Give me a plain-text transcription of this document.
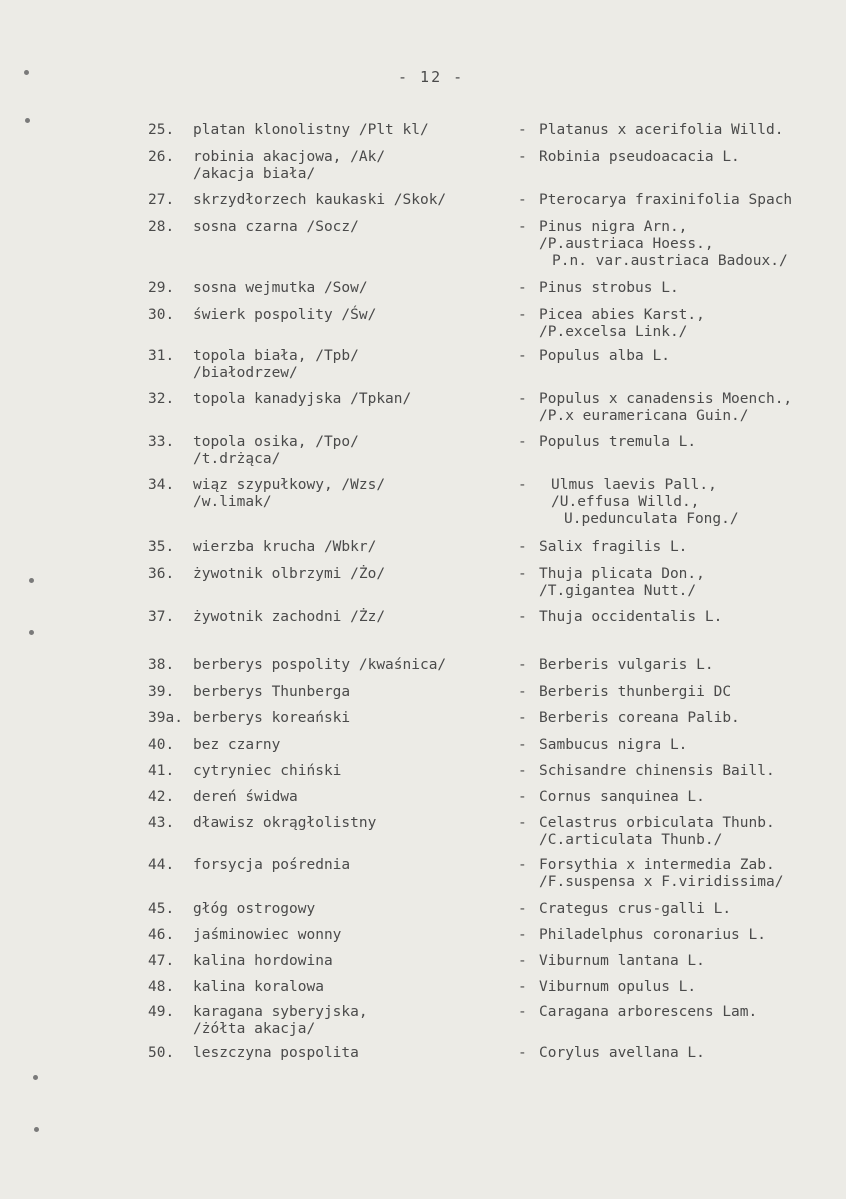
- 12 -
25. platan klonolistny /Plt kl/	- Platanus x acerifolia Willd.
26. robinia akacjowa, /Ak/
/akacja biała/
- Robinia pseudoacacia L.
27. skrzydłorzech kaukaski /Skok/	- Pterocarya fraxinifolia Spach
28. sosna czarna /Socz/	- Pinus nigra Arn.,
/P.austriaca Hoess.,
P.n. var.austriaca Badoux./
29. sosna wejmutka /Sow/	- Pinus strobus L.
30. świerk pospolity /Św/	- Picea abies Karst.,
/P.excelsa Link./
31. topola biała, /Tpb/
/białodrzew/
- Populus alba L.
32. topola kanadyjska /Tpkan/	- Populus x canadensis Moench.,
/P.x euramericana Guin./
33. topola osika, /Tpo/
/t.drżąca/
- Populus tremula L.
34. wiąz szypułkowy, /Wzs/
/w.limak/
- Ulmus laevis Pall.,
/U.effusa Willd.,
U.pedunculata Fong./
35. wierzba krucha /Wbkr/	- Salix fragilis L.
36. żywotnik olbrzymi /Żo/	- Thuja plicata Don.,
/T.gigantea Nutt./
37. żywotnik zachodni /Żz/	- Thuja occidentalis L.
38. berberys pospolity /kwaśnica/	- Berberis vulgaris L.
39. berberys Thunberga	- Berberis thunbergii DC
39a. berberys koreański	- Berberis coreana Palib.
40. bez czarny	- Sambucus nigra L.
41. cytryniec chiński	- Schisandre chinensis Baill.
42. dereń świdwa	- Cornus sanquinea L.
43. dławisz okrągłolistny	- Celastrus orbiculata Thunb.
/C.articulata Thunb./
44. forsycja pośrednia	- Forsythia x intermedia Zab.
/F.suspensa x F.viridissima/
45. głóg ostrogowy	- Crategus crus-galli L.
46. jaśminowiec wonny	- Philadelphus coronarius L.
47. kalina hordowina	- Viburnum lantana L.
48. kalina koralowa	- Viburnum opulus L.
49. karagana syberyjska,
/żółta akacja/
- Caragana arborescens Lam.
50. leszczyna pospolita	- Corylus avellana L.
